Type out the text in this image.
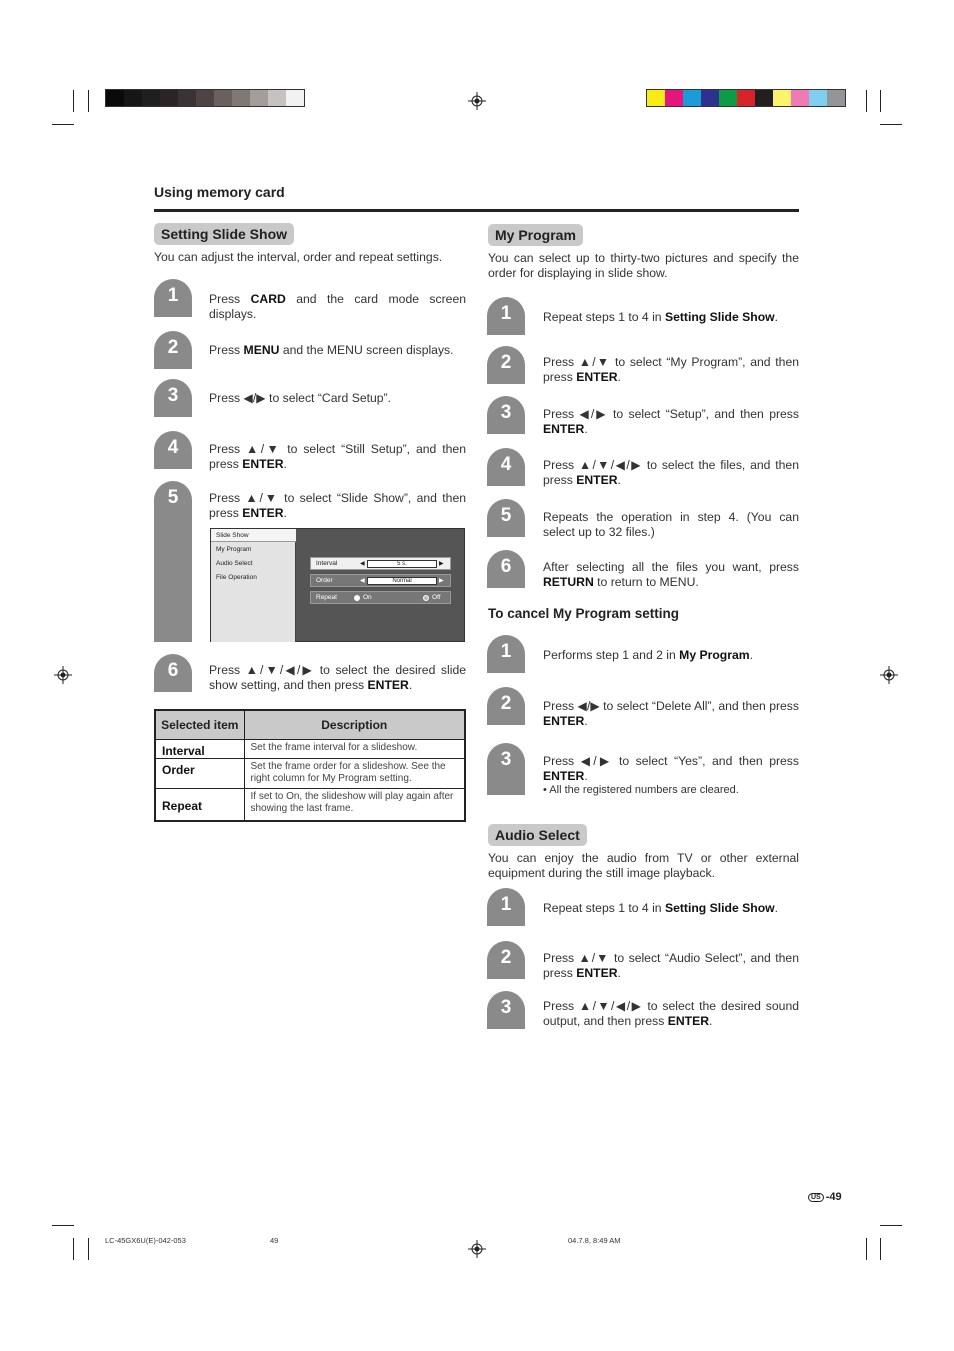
Using memory card
Setting Slide Show
You can adjust the interval, order and repeat settings.
1	Press CARD and the card mode screen displays.
2	Press MENU and the MENU screen displays.
3	Press ◀/▶ to select “Card Setup”.
4	Press ▲/▼ to select “Still Setup”, and then press ENTER.
5	Press ▲/▼ to select “Slide Show”, and then press ENTER.
6	Press ▲/▼/◀/▶ to select the desired slide show setting, and then press ENTER.
Slide Show
My Program
Audio Select
File Operation
Interval	◀	5 s.	▶
Order	◀	Normal	▶
Repeat	On	Off
Selected item	Description
Interval	Set the frame interval for a slideshow.
Order	Set the frame order for a slideshow. See the right column for My Program setting.
Repeat	If set to On, the slideshow will play again after showing the last frame.
My Program
You can select up to thirty-two pictures and specify the order for displaying in slide show.
1	Repeat steps 1 to 4 in Setting Slide Show.
2	Press ▲/▼ to select “My Program”, and then press ENTER.
3	Press ◀/▶ to select “Setup”, and then press ENTER.
4	Press ▲/▼/◀/▶ to select the files, and then press ENTER.
5	Repeats the operation in step 4. (You can select up to 32 files.)
6	After selecting all the files you want, press RETURN to return to MENU.
1	Performs step 1 and 2 in My Program.
2	Press ◀/▶ to select “Delete All”, and then press ENTER.
3	Press ◀/▶ to select “Yes”, and then press ENTER.
1	Repeat steps 1 to 4 in Setting Slide Show.
2	Press ▲/▼ to select “Audio Select”, and then press ENTER.
3	Press ▲/▼/◀/▶ to select the desired sound output, and then press ENTER.
To cancel My Program setting
• All the registered numbers are cleared.
Audio Select
You can enjoy the audio from TV or other external equipment during the still image playback.
LC-45GX6U(E)-042-053	49	04.7.8, 8:49 AM
US -49
